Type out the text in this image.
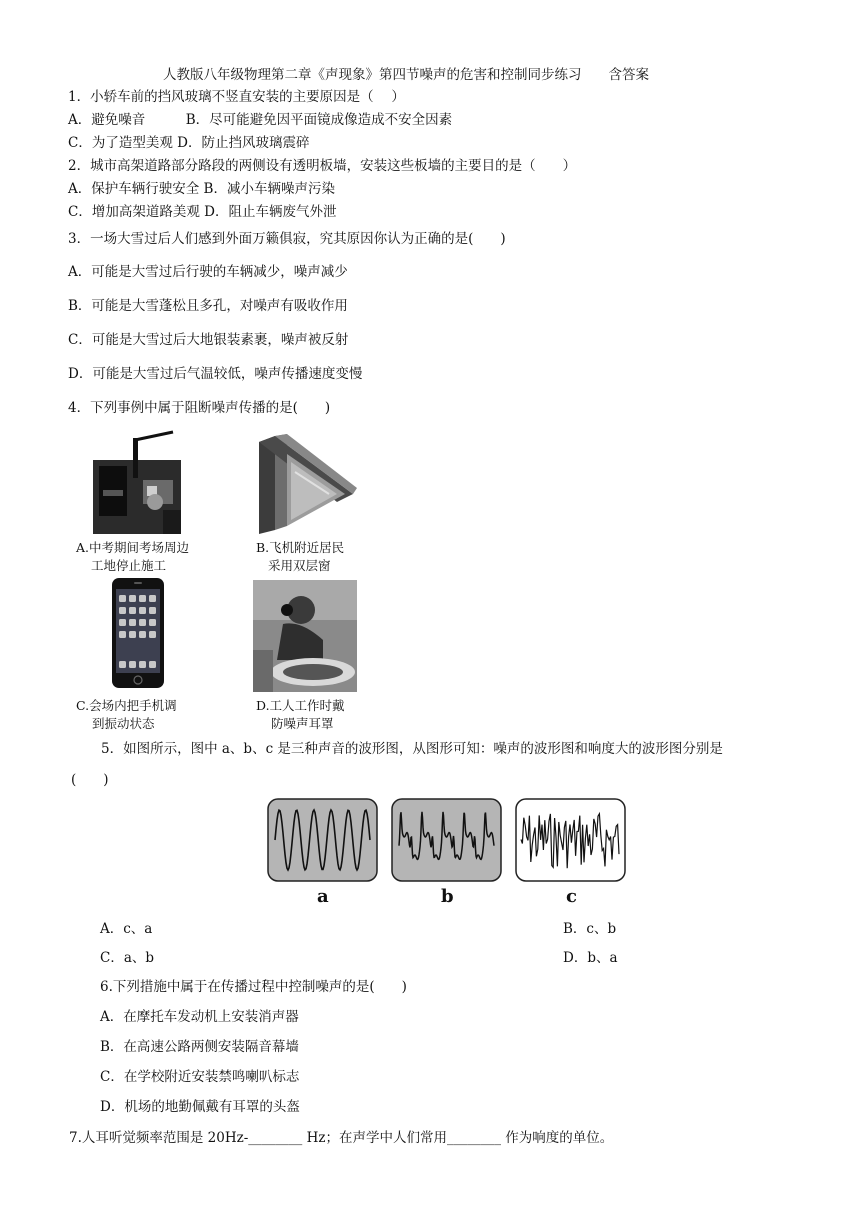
人教版八年级物理第二章《声现象》第四节噪声的危害和控制同步练习　　含答案
1．小轿车前的挡风玻璃不竖直安装的主要原因是（　 ）
A．避免噪音　　　B．尽可能避免因平面镜成像造成不安全因素
C．为了造型美观 D．防止挡风玻璃震碎
2．城市高架道路部分路段的两侧设有透明板墙，安装这些板墙的主要目的是（　　）
A．保护车辆行驶安全 B．减小车辆噪声污染
C．增加高架道路美观 D．阻止车辆废气外泄
3．一场大雪过后人们感到外面万籁俱寂，究其原因你认为正确的是(　　)
A．可能是大雪过后行驶的车辆减少，噪声减少
B．可能是大雪蓬松且多孔，对噪声有吸收作用
C．可能是大雪过后大地银装素裹，噪声被反射
D．可能是大雪过后气温较低，噪声传播速度变慢
4．下列事例中属于阻断噪声传播的是(　　)
A.中考期间考场周边
工地停止施工
B.飞机附近居民
采用双层窗
C.会场内把手机调
到振动状态
D.工人工作时戴
防噪声耳罩
5．如图所示，图中 a、b、c 是三种声音的波形图，从图形可知：噪声的波形图和响度大的波形图分别是
(　　)
a	b	c
A．c、a	B．c、b
C．a、b	D．b、a
6.下列措施中属于在传播过程中控制噪声的是(　　)
A．在摩托车发动机上安装消声器
B．在高速公路两侧安装隔音幕墙
C．在学校附近安装禁鸣喇叭标志
D．机场的地勤佩戴有耳罩的头盔
7.人耳听觉频率范围是 20Hz-________ Hz；在声学中人们常用________ 作为响度的单位。
